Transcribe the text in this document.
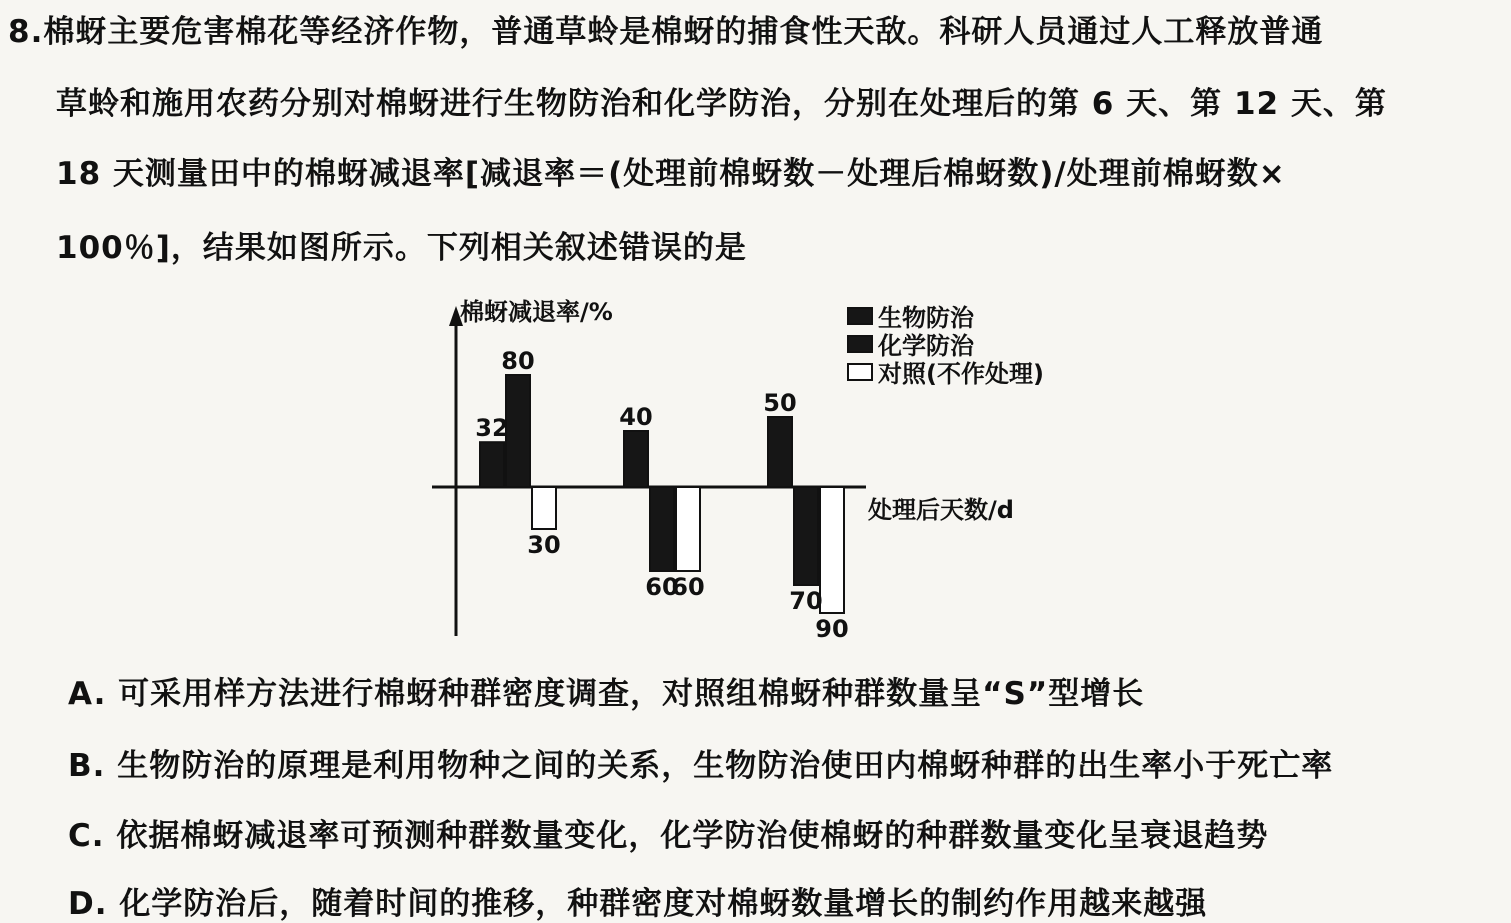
8.棉蚜主要危害棉花等经济作物，普通草蛉是棉蚜的捕食性天敌。科研人员通过人工释放普通
草蛉和施用农药分别对棉蚜进行生物防治和化学防治，分别在处理后的第 6 天、第 12 天、第
18 天测量田中的棉蚜减退率[减退率＝(处理前棉蚜数－处理后棉蚜数)/处理前棉蚜数×
100％]，结果如图所示。下列相关叙述错误的是
棉蚜减退率/%
处理后天数/d
32	40	50
80
60	70
30
60
90
生物防治
化学防治
对照(不作处理)
A. 可采用样方法进行棉蚜种群密度调查，对照组棉蚜种群数量呈“S”型增长
B. 生物防治的原理是利用物种之间的关系，生物防治使田内棉蚜种群的出生率小于死亡率
C. 依据棉蚜减退率可预测种群数量变化，化学防治使棉蚜的种群数量变化呈衰退趋势
D. 化学防治后，随着时间的推移，种群密度对棉蚜数量增长的制约作用越来越强
